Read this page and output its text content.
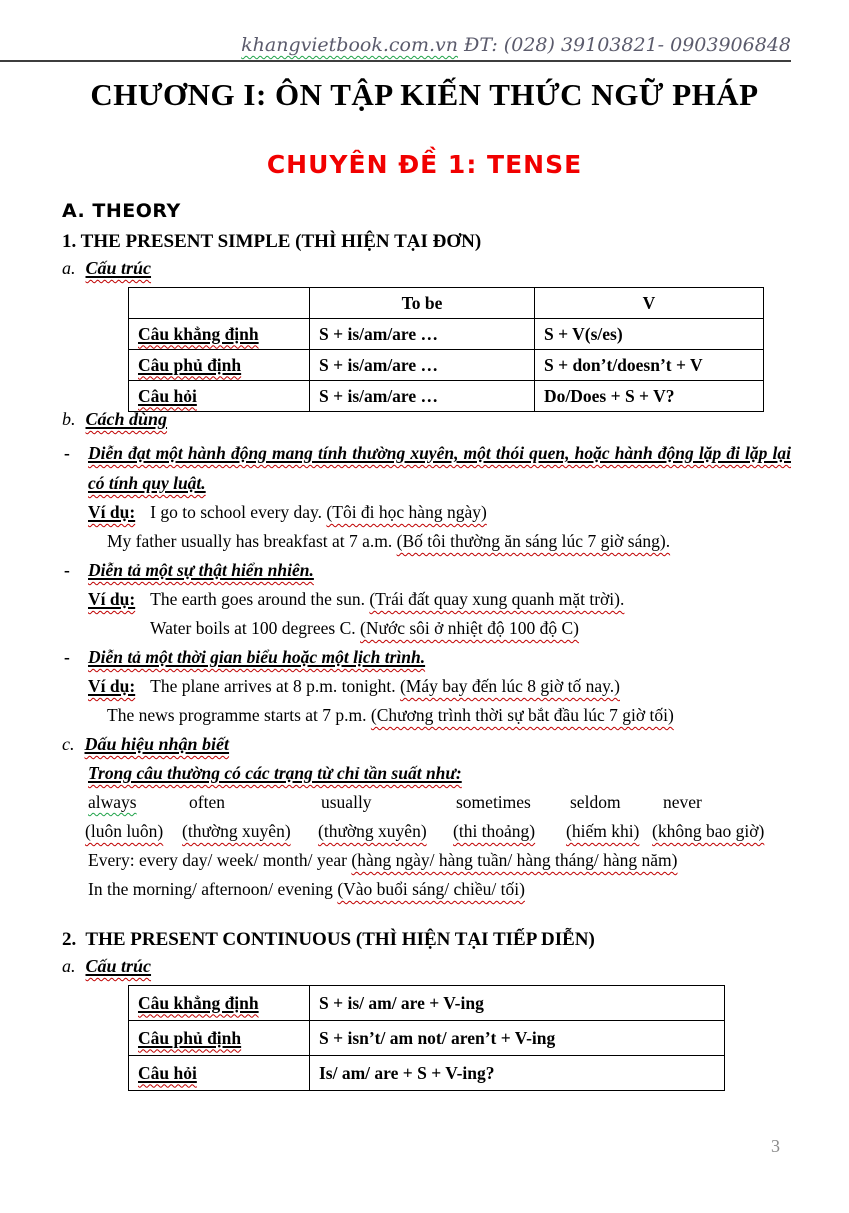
khangvietbook.com.vn ĐT: (028) 39103821- 0903906848
CHƯƠNG I: ÔN TẬP KIẾN THỨC NGỮ PHÁP
CHUYÊN ĐỀ 1: TENSE
A. THEORY
1. THE PRESENT SIMPLE (THÌ HIỆN TẠI ĐƠN)
a. Cấu trúc
	To be	V
Câu khẳng định	S + is/am/are …	S + V(s/es)
Câu phủ định	S + is/am/are …	S + don’t/doesn’t + V
Câu hỏi	S + is/am/are …	Do/Does + S + V?
b. Cách dùng
- Diễn đạt một hành động mang tính thường xuyên, một thói quen, hoặc hành động lặp đi lặp lại có tính quy luật.
Ví dụ: I go to school every day. (Tôi đi học hàng ngày)
My father usually has breakfast at 7 a.m. (Bố tôi thường ăn sáng lúc 7 giờ sáng).
- Diễn tả một sự thật hiển nhiên.
Ví dụ: The earth goes around the sun. (Trái đất quay xung quanh mặt trời).
Water boils at 100 degrees C. (Nước sôi ở nhiệt độ 100 độ C)
- Diễn tả một thời gian biểu hoặc một lịch trình.
Ví dụ: The plane arrives at 8 p.m. tonight. (Máy bay đến lúc 8 giờ tố nay.)
The news programme starts at 7 p.m. (Chương trình thời sự bắt đầu lúc 7 giờ tối)
c. Dấu hiệu nhận biết
Trong câu thường có các trạng từ chỉ tần suất như:
always	often	usually	sometimes seldom never
(luôn luôn) (thường xuyên) (thường xuyên) (thi thoảng) (hiếm khi) (không bao giờ)
Every: every day/ week/ month/ year (hàng ngày/ hàng tuần/ hàng tháng/ hàng năm)
In the morning/ afternoon/ evening (Vào buổi sáng/ chiều/ tối)
2.  THE PRESENT CONTINUOUS (THÌ HIỆN TẠI TIẾP DIỄN)
a. Cấu trúc
Câu khẳng định	S + is/ am/ are + V-ing
Câu phủ định	S + isn’t/ am not/ aren’t + V-ing
Câu hỏi	Is/ am/ are + S + V-ing?
3
